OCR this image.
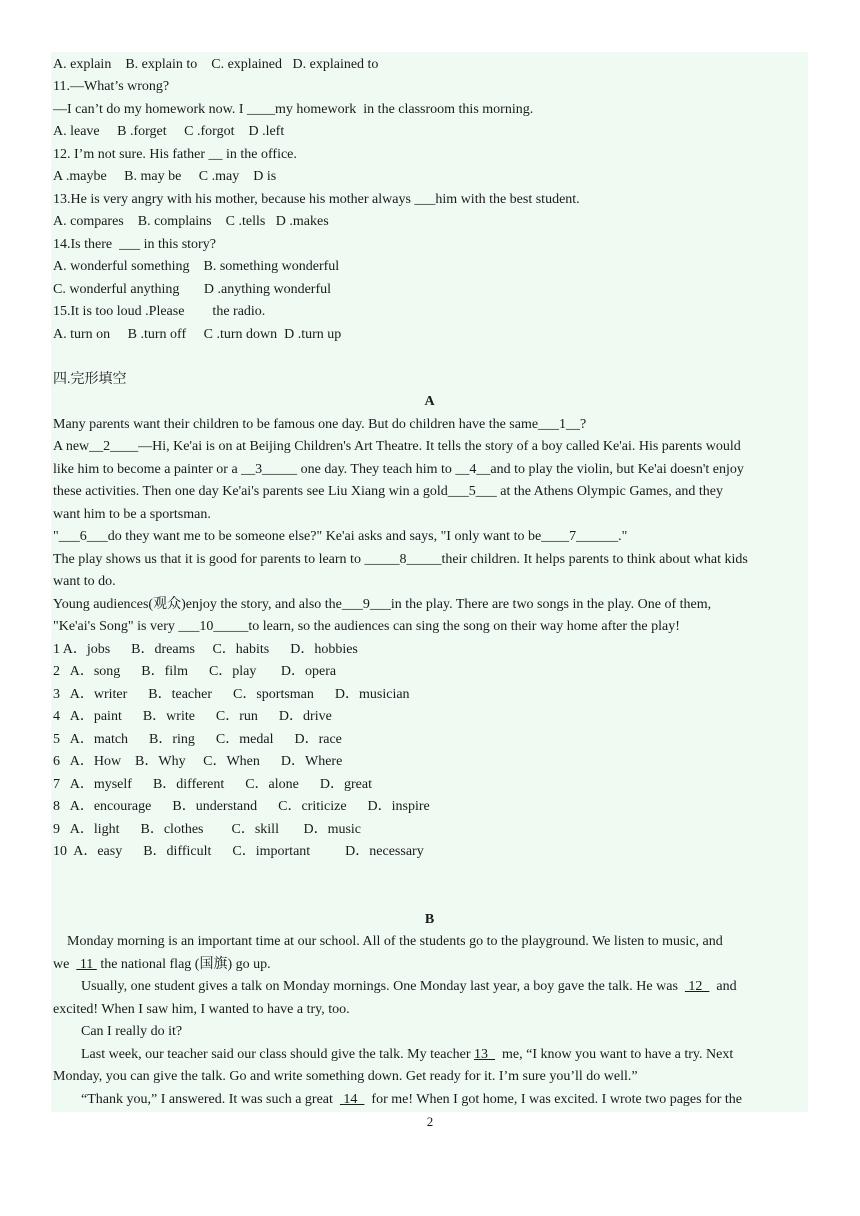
A. explain    B. explain to    C. explained   D. explained to
11.—What’s wrong?
—I can’t do my homework now. I ____my homework  in the classroom this morning.
A. leave     B .forget     C .forgot    D .left
12. I’m not sure. His father __ in the office.
A .maybe     B. may be     C .may    D is
13.He is very angry with his mother, because his mother always ___him with the best student.
A. compares    B. complains    C .tells   D .makes
14.Is there  ___ in this story?
A. wonderful something    B. something wonderful
C. wonderful anything       D .anything wonderful
15.It is too loud .Please        the radio.
A. turn on     B .turn off     C .turn down  D .turn up
四.完形填空
A
Many parents want their children to be famous one day. But do children have the same___1__?
A new__2____—Hi, Ke'ai is on at Beijing Children's Art Theatre. It tells the story of a boy called Ke'ai. His parents would
like him to become a painter or a __3_____ one day. They teach him to __4__and to play the violin, but Ke'ai doesn't enjoy
these activities. Then one day Ke'ai's parents see Liu Xiang win a gold___5___ at the Athens Olympic Games, and they
want him to be a sportsman.
"___6___do they want me to be someone else?" Ke'ai asks and says, "I only want to be____7______."
The play shows us that it is good for parents to learn to _____8_____their children. It helps parents to think about what kids
want to do.
Young audiences(观众)enjoy the story, and also the___9___in the play. There are two songs in the play. One of them,
"Ke'ai's Song" is very ___10_____to learn, so the audiences can sing the song on their way home after the play!
1 A．jobs      B．dreams     C．habits      D．hobbies
2   A．song      B．film      C．play       D．opera
3   A．writer      B．teacher      C．sportsman      D．musician
4   A．paint      B．write      C．run      D．drive
5   A．match      B．ring      C．medal      D．race
6   A．How    B．Why     C．When      D．Where
7   A．myself      B．different      C．alone      D．great
8   A．encourage      B．understand      C．criticize      D．inspire
9   A．light      B．clothes        C．skill       D．music
10  A．easy      B．difficult      C．important          D．necessary
B
Monday morning is an important time at our school. All of the students go to the playground. We listen to music, and
we   11  the national flag (国旗) go up.
Usually, one student gives a talk on Monday mornings. One Monday last year, a boy gave the talk. He was   12    and
excited! When I saw him, I wanted to have a try, too.
Can I really do it?
Last week, our teacher said our class should give the talk. My teacher 13    me, “I know you want to have a try. Next
Monday, you can give the talk. Go and write something down. Get ready for it. I’m sure you’ll do well.”
“Thank you,” I answered. It was such a great   14    for me! When I got home, I was excited. I wrote two pages for the
2
